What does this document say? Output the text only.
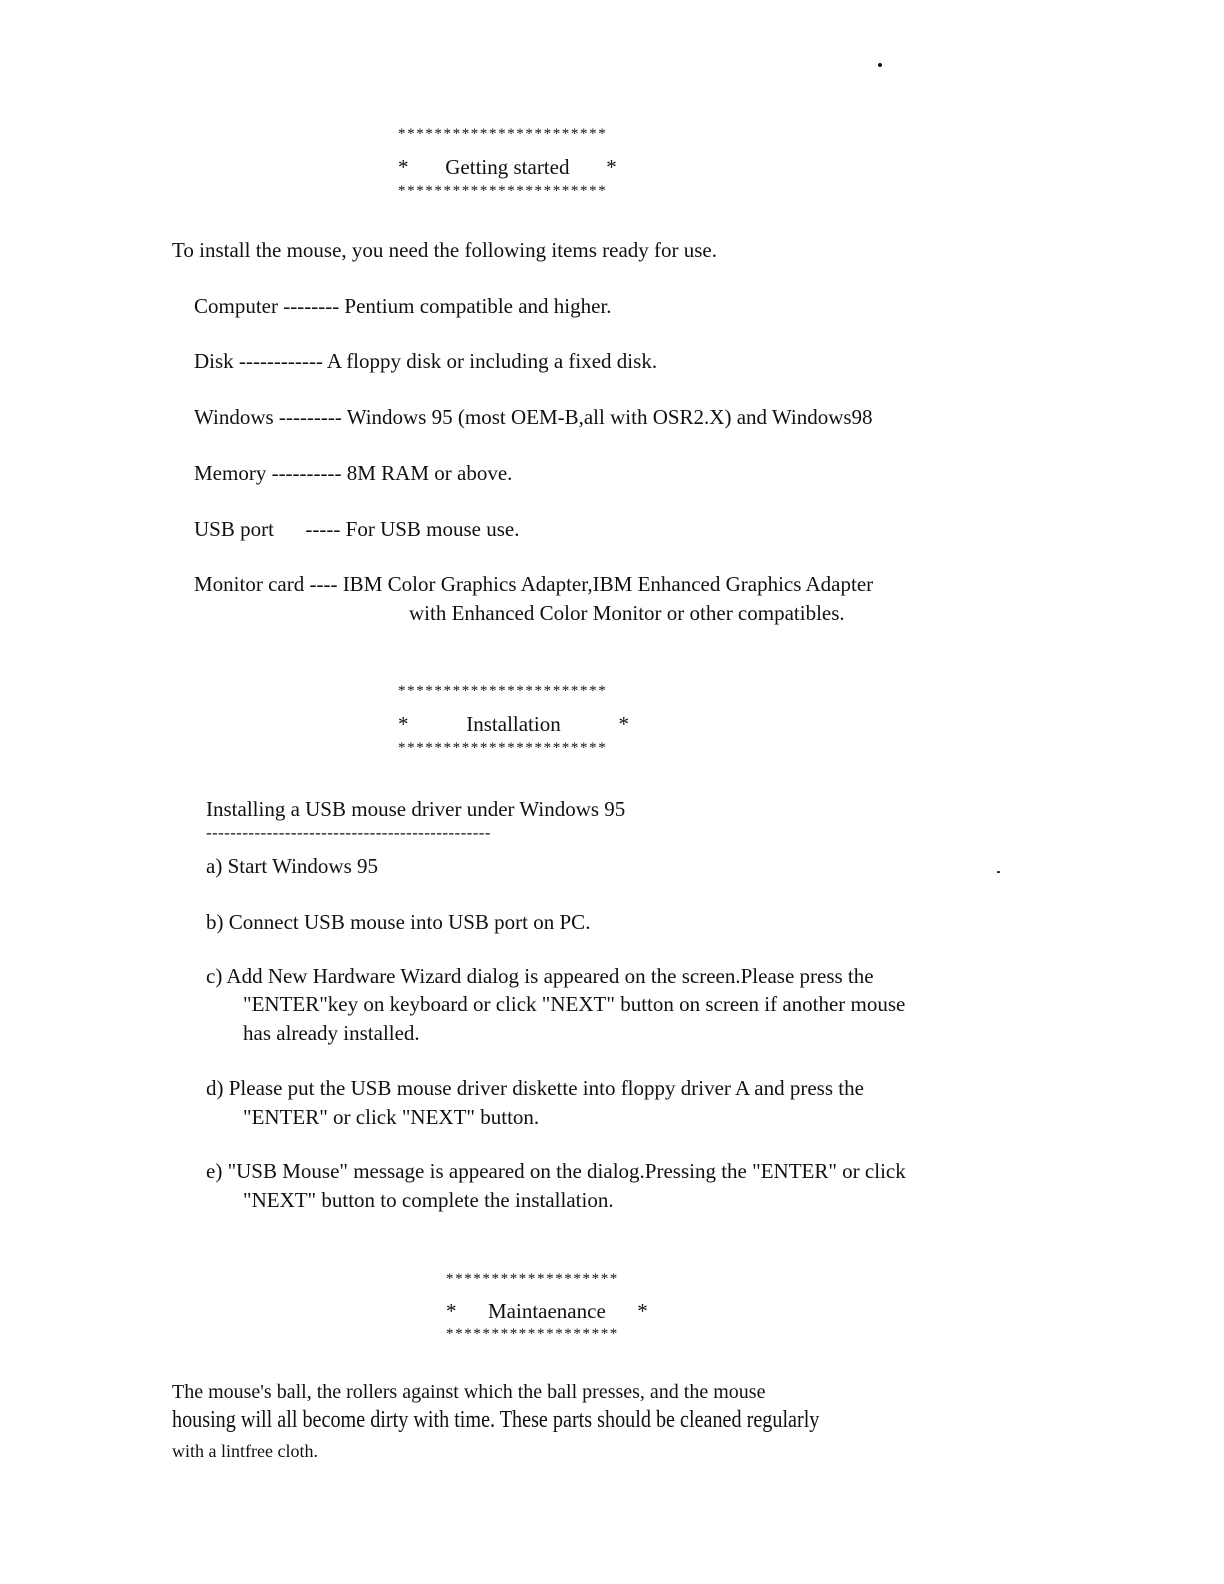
***********************
*       Getting started       *
***********************
To install the mouse, you need the following items ready for use.
Computer -------- Pentium compatible and higher.
Disk ------------ A floppy disk or including a fixed disk.
Windows --------- Windows 95 (most OEM-B,all with OSR2.X) and Windows98
Memory ---------- 8M RAM or above.
USB port      ----- For USB mouse use.
Monitor card ---- IBM Color Graphics Adapter,IBM Enhanced Graphics Adapter
with Enhanced Color Monitor or other compatibles.
***********************
*           Installation           *
***********************
Installing a USB mouse driver under Windows 95
-----------------------------------------------
a) Start Windows 95
b) Connect USB mouse into USB port on PC.
c) Add New Hardware Wizard dialog is appeared on the screen.Please press the
"ENTER"key on keyboard or click "NEXT" button on screen if another mouse
has already installed.
d) Please put the USB mouse driver diskette into floppy driver A and press the
"ENTER" or click "NEXT" button.
e) "USB Mouse" message is appeared on the dialog.Pressing the "ENTER" or click
"NEXT" button to complete the installation.
*******************
*      Maintaenance      *
*******************
The mouse's ball, the rollers against which the ball presses, and the mouse
housing will all become dirty with time. These parts should be cleaned regularly
with a lintfree cloth.
